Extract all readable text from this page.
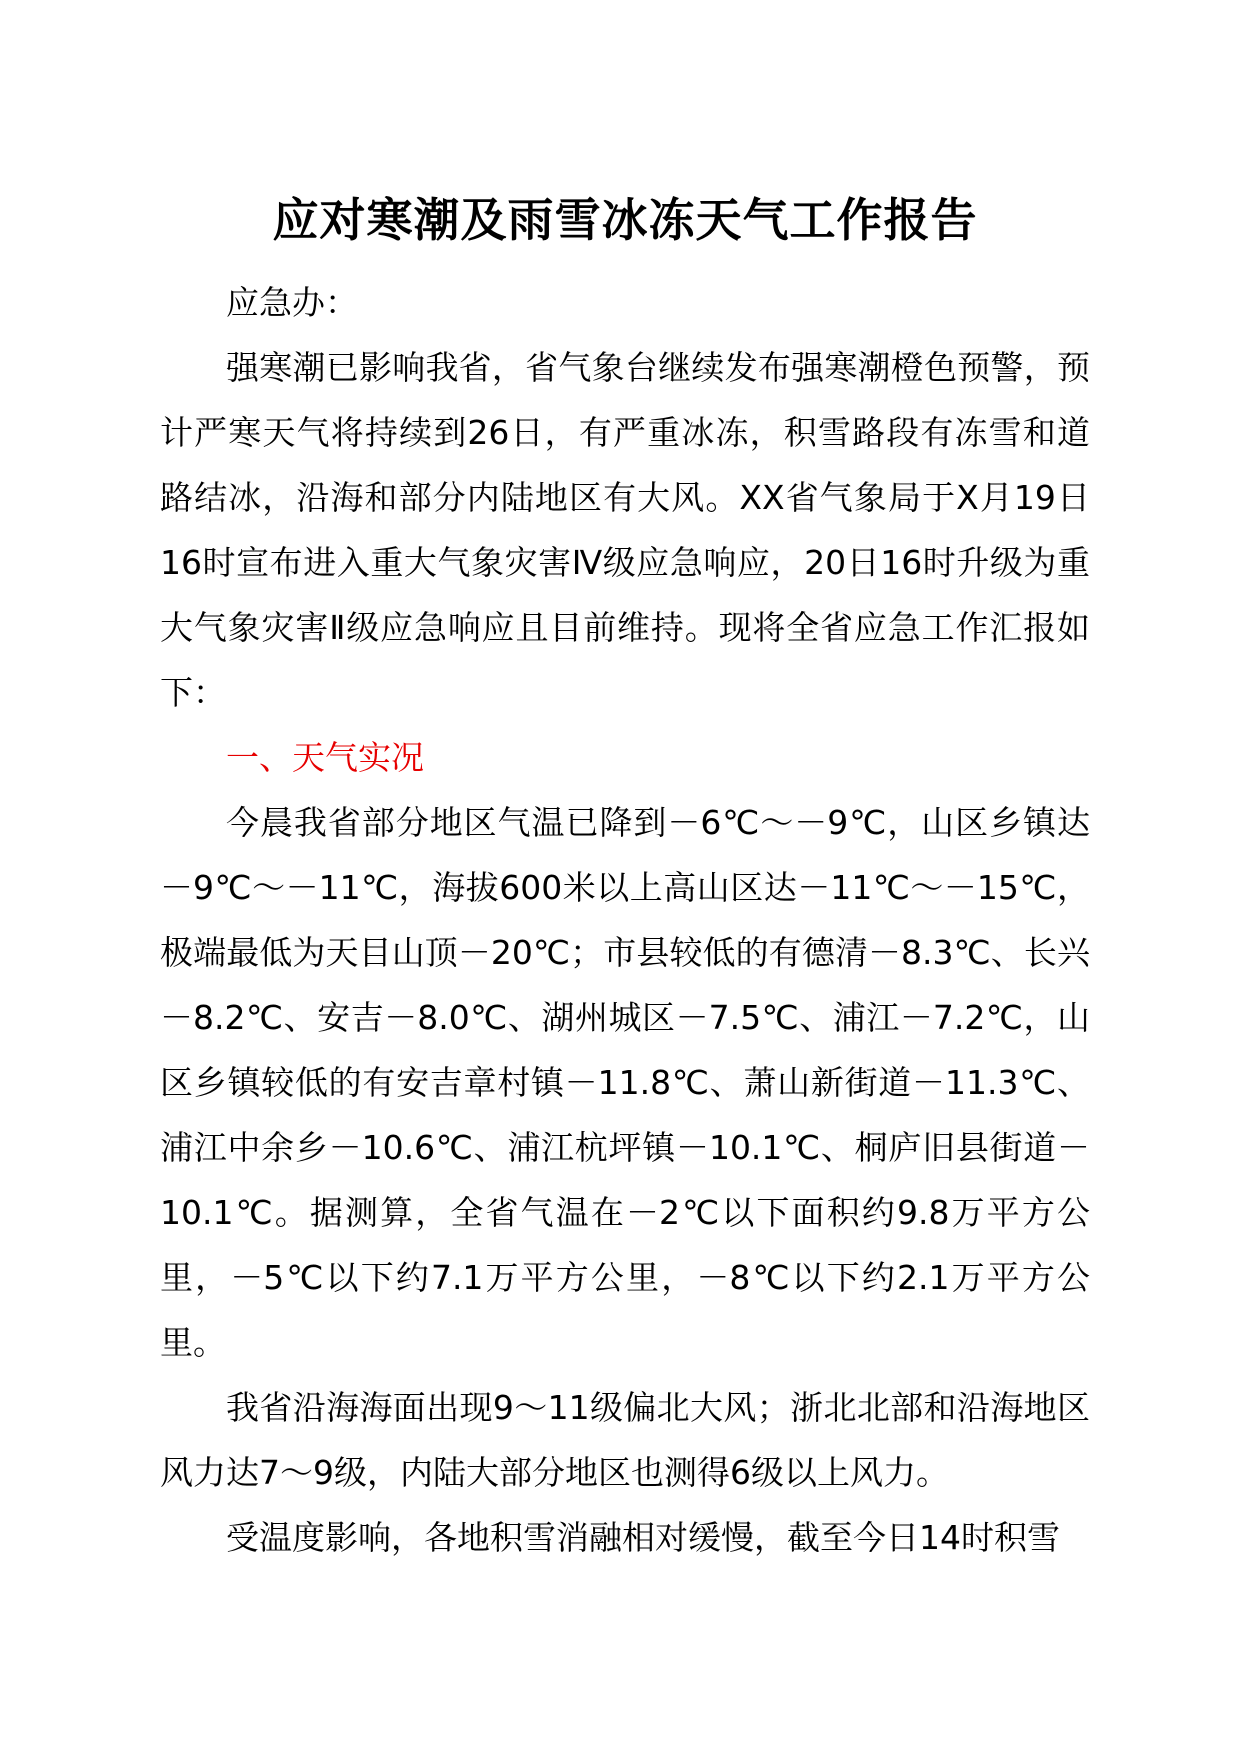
应对寒潮及雨雪冰冻天气工作报告

应急办：

强寒潮已影响我省，省气象台继续发布强寒潮橙色预警，预计严寒天气将持续到26日，有严重冰冻，积雪路段有冻雪和道路结冰，沿海和部分内陆地区有大风。XX省气象局于X月19日16时宣布进入重大气象灾害Ⅳ级应急响应，20日16时升级为重大气象灾害Ⅱ级应急响应且目前维持。现将全省应急工作汇报如下：

一、天气实况

今晨我省部分地区气温已降到－6℃～－9℃，山区乡镇达－9℃～－11℃，海拔600米以上高山区达－11℃～－15℃，极端最低为天目山顶－20℃；市县较低的有德清－8.3℃、长兴－8.2℃、安吉－8.0℃、湖州城区－7.5℃、浦江－7.2℃，山区乡镇较低的有安吉章村镇－11.8℃、萧山新街道－11.3℃、浦江中余乡－10.6℃、浦江杭坪镇－10.1℃、桐庐旧县街道－10.1℃。据测算，全省气温在－2℃以下面积约9.8万平方公里，－5℃以下约7.1万平方公里，－8℃以下约2.1万平方公里。

我省沿海海面出现9～11级偏北大风；浙北北部和沿海地区风力达7～9级，内陆大部分地区也测得6级以上风力。

受温度影响，各地积雪消融相对缓慢，截至今日14时积雪
